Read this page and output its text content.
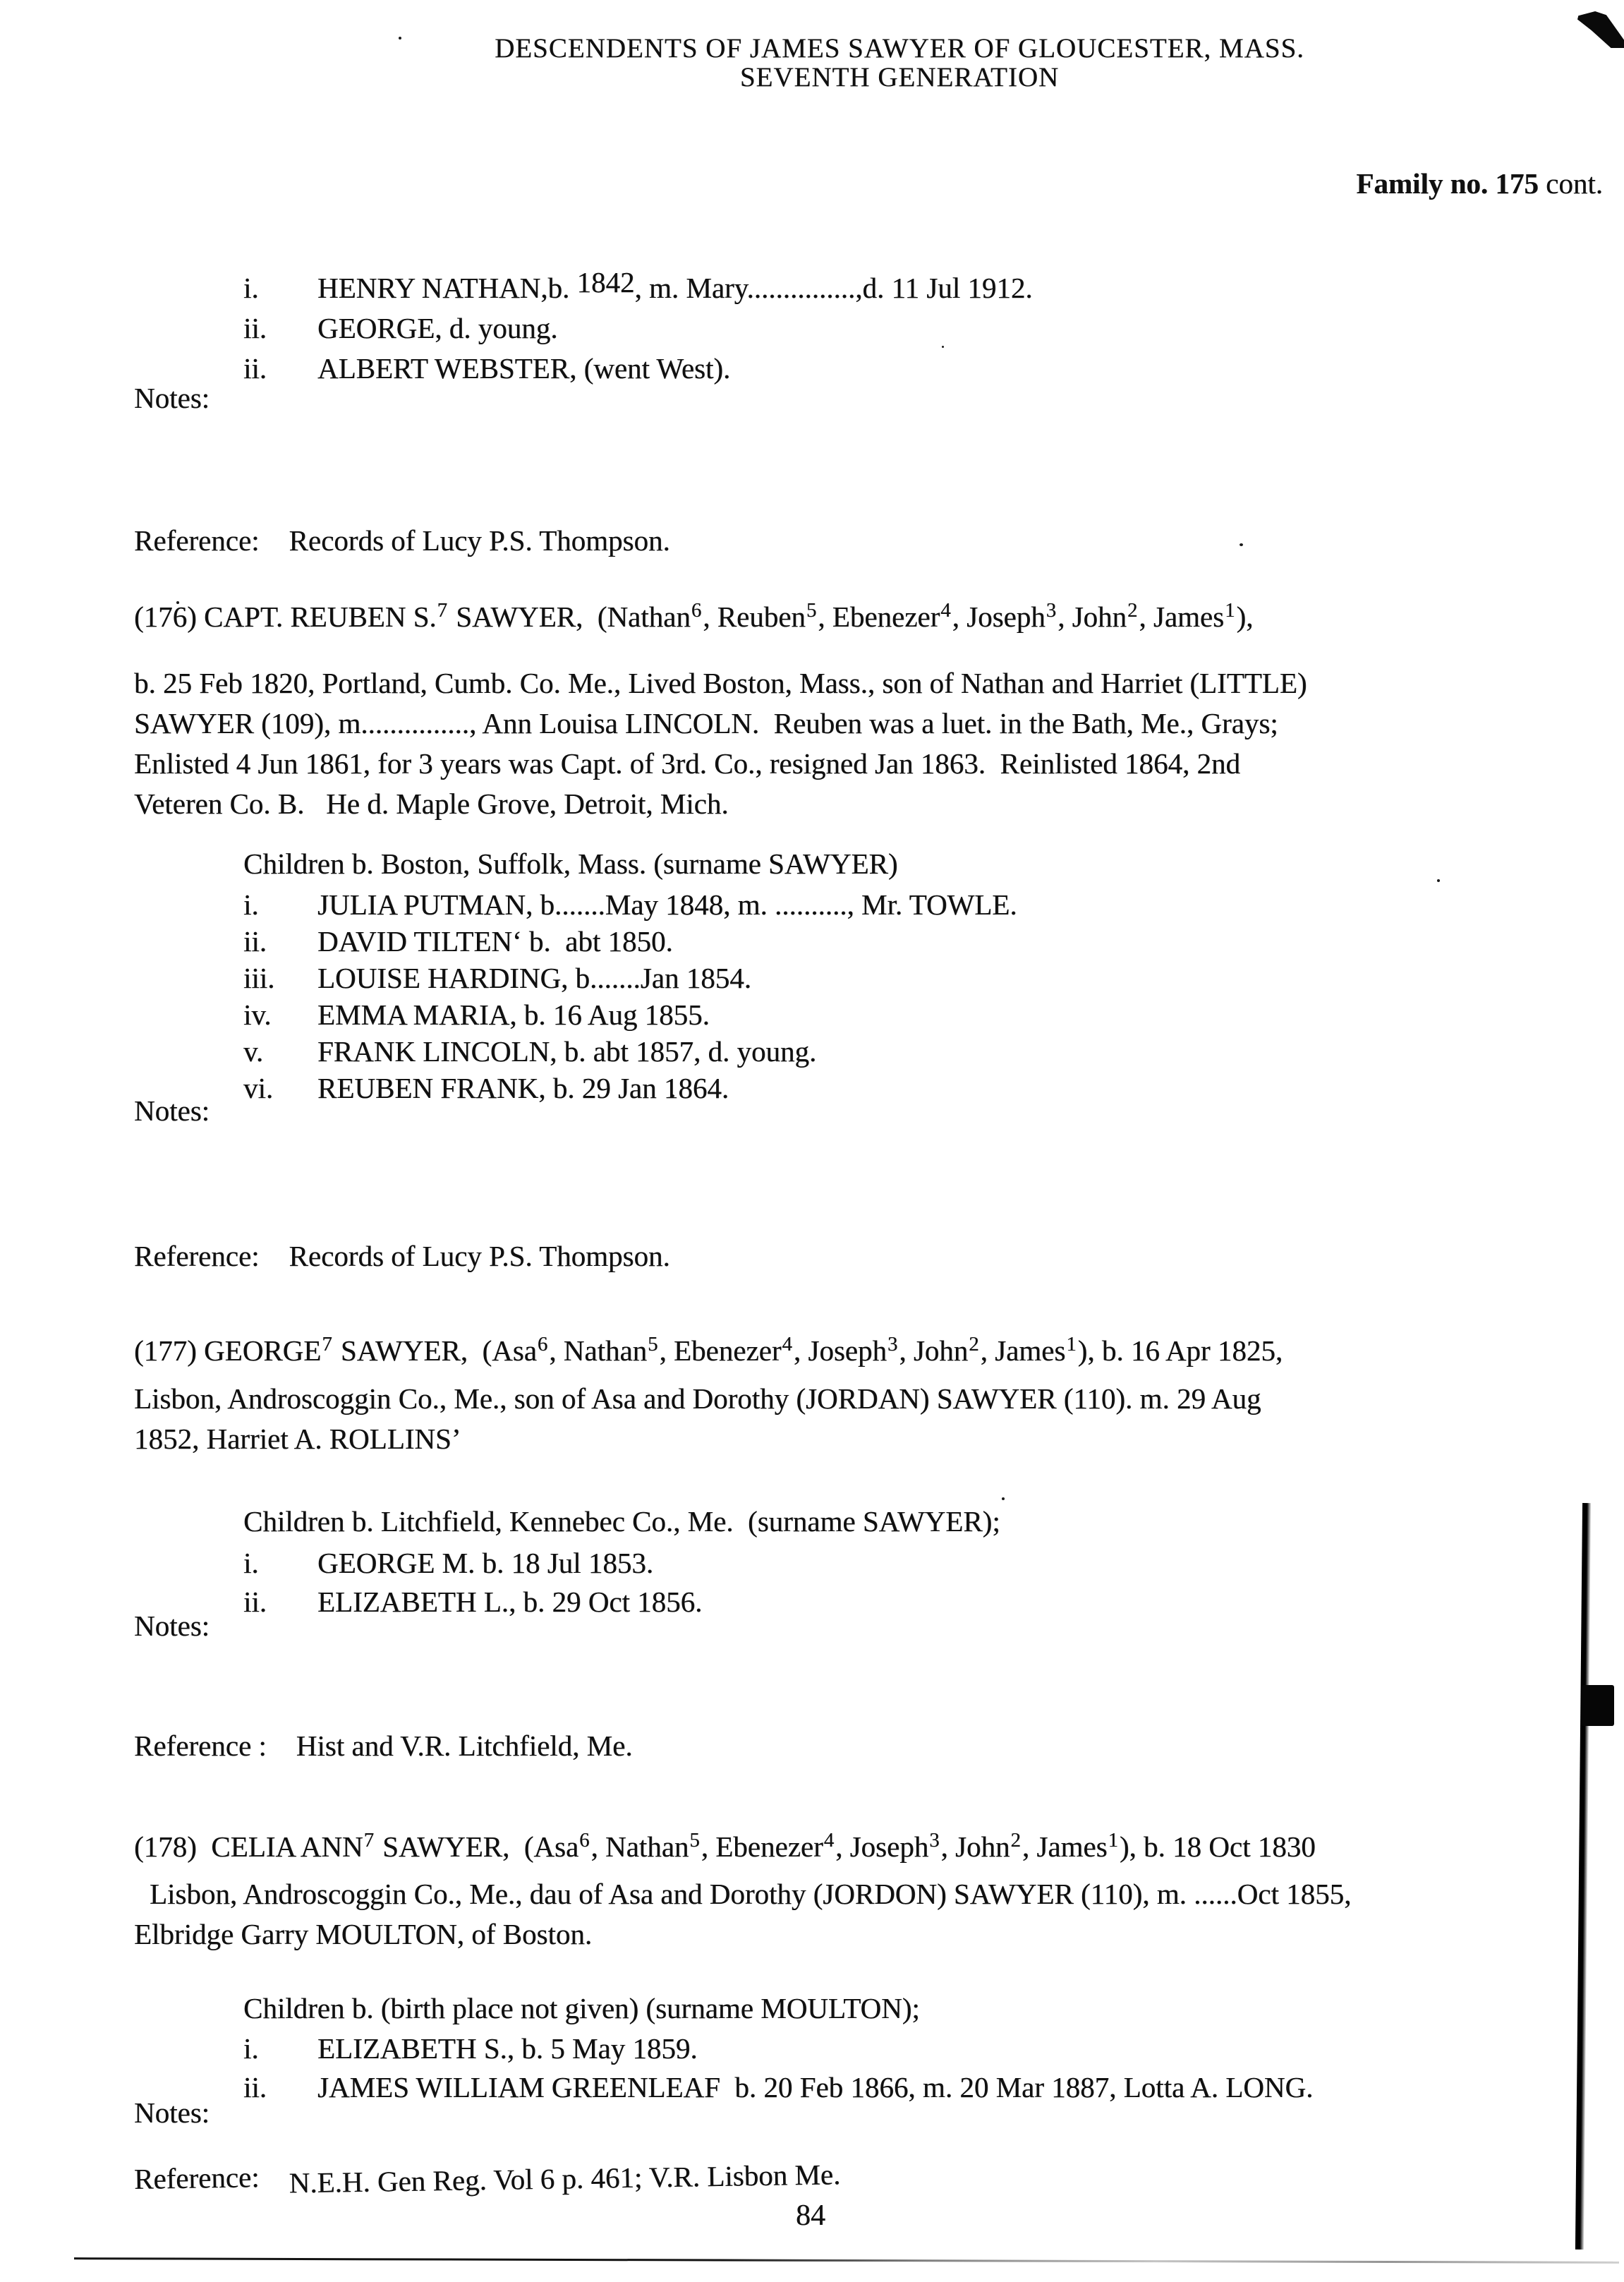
DESCENDENTS OF JAMES SAWYER OF GLOUCESTER, MASS.
SEVENTH GENERATION
Family no. 175 cont.
i. HENRY NATHAN,b. 1842, m. Mary...............,d. 11 Jul 1912.
ii. GEORGE, d. young.
ii. ALBERT WEBSTER, (went West).
Notes:
Reference: Records of Lucy P.S. Thompson.
(176) CAPT. REUBEN S.$^7$ SAWYER,  (Nathan$^6$, Reuben$^5$, Ebenezer$^4$, Joseph$^3$, John$^2$, James$^1$),
b. 25 Feb 1820, Portland, Cumb. Co. Me., Lived Boston, Mass., son of Nathan and Harriet (LITTLE)
SAWYER (109), m..............., Ann Louisa LINCOLN.  Reuben was a luet. in the Bath, Me., Grays;
Enlisted 4 Jun 1861, for 3 years was Capt. of 3rd. Co., resigned Jan 1863.  Reinlisted 1864, 2nd
Veteren Co. B.   He d. Maple Grove, Detroit, Mich.
Children b. Boston, Suffolk, Mass. (surname SAWYER)
i. JULIA PUTMAN, b.......May 1848, m. .........., Mr. TOWLE.
ii. DAVID TILTEN‘ b.  abt 1850.
iii. LOUISE HARDING, b.......Jan 1854.
iv. EMMA MARIA, b. 16 Aug 1855.
v. FRANK LINCOLN, b. abt 1857, d. young.
vi. REUBEN FRANK, b. 29 Jan 1864.
Notes:
Reference: Records of Lucy P.S. Thompson.
(177) GEORGE$^7$ SAWYER,  (Asa$^6$, Nathan$^5$, Ebenezer$^4$, Joseph$^3$, John$^2$, James$^1$), b. 16 Apr 1825,
Lisbon, Androscoggin Co., Me., son of Asa and Dorothy (JORDAN) SAWYER (110). m. 29 Aug
1852, Harriet A. ROLLINS’
Children b. Litchfield, Kennebec Co., Me.  (surname SAWYER);
i. GEORGE M. b. 18 Jul 1853.
ii. ELIZABETH L., b. 29 Oct 1856.
Notes:
Reference : Hist and V.R. Litchfield, Me.
(178)  CELIA ANN$^7$ SAWYER,  (Asa$^6$, Nathan$^5$, Ebenezer$^4$, Joseph$^3$, John$^2$, James$^1$), b. 18 Oct 1830
Lisbon, Androscoggin Co., Me., dau of Asa and Dorothy (JORDON) SAWYER (110), m. ......Oct 1855,
Elbridge Garry MOULTON, of Boston.
Children b. (birth place not given) (surname MOULTON);
i. ELIZABETH S., b. 5 May 1859.
ii. JAMES WILLIAM GREENLEAF  b. 20 Feb 1866, m. 20 Mar 1887, Lotta A. LONG.
Notes:
Reference: N.E.H. Gen Reg. Vol 6 p. 461; V.R. Lisbon Me.
84
